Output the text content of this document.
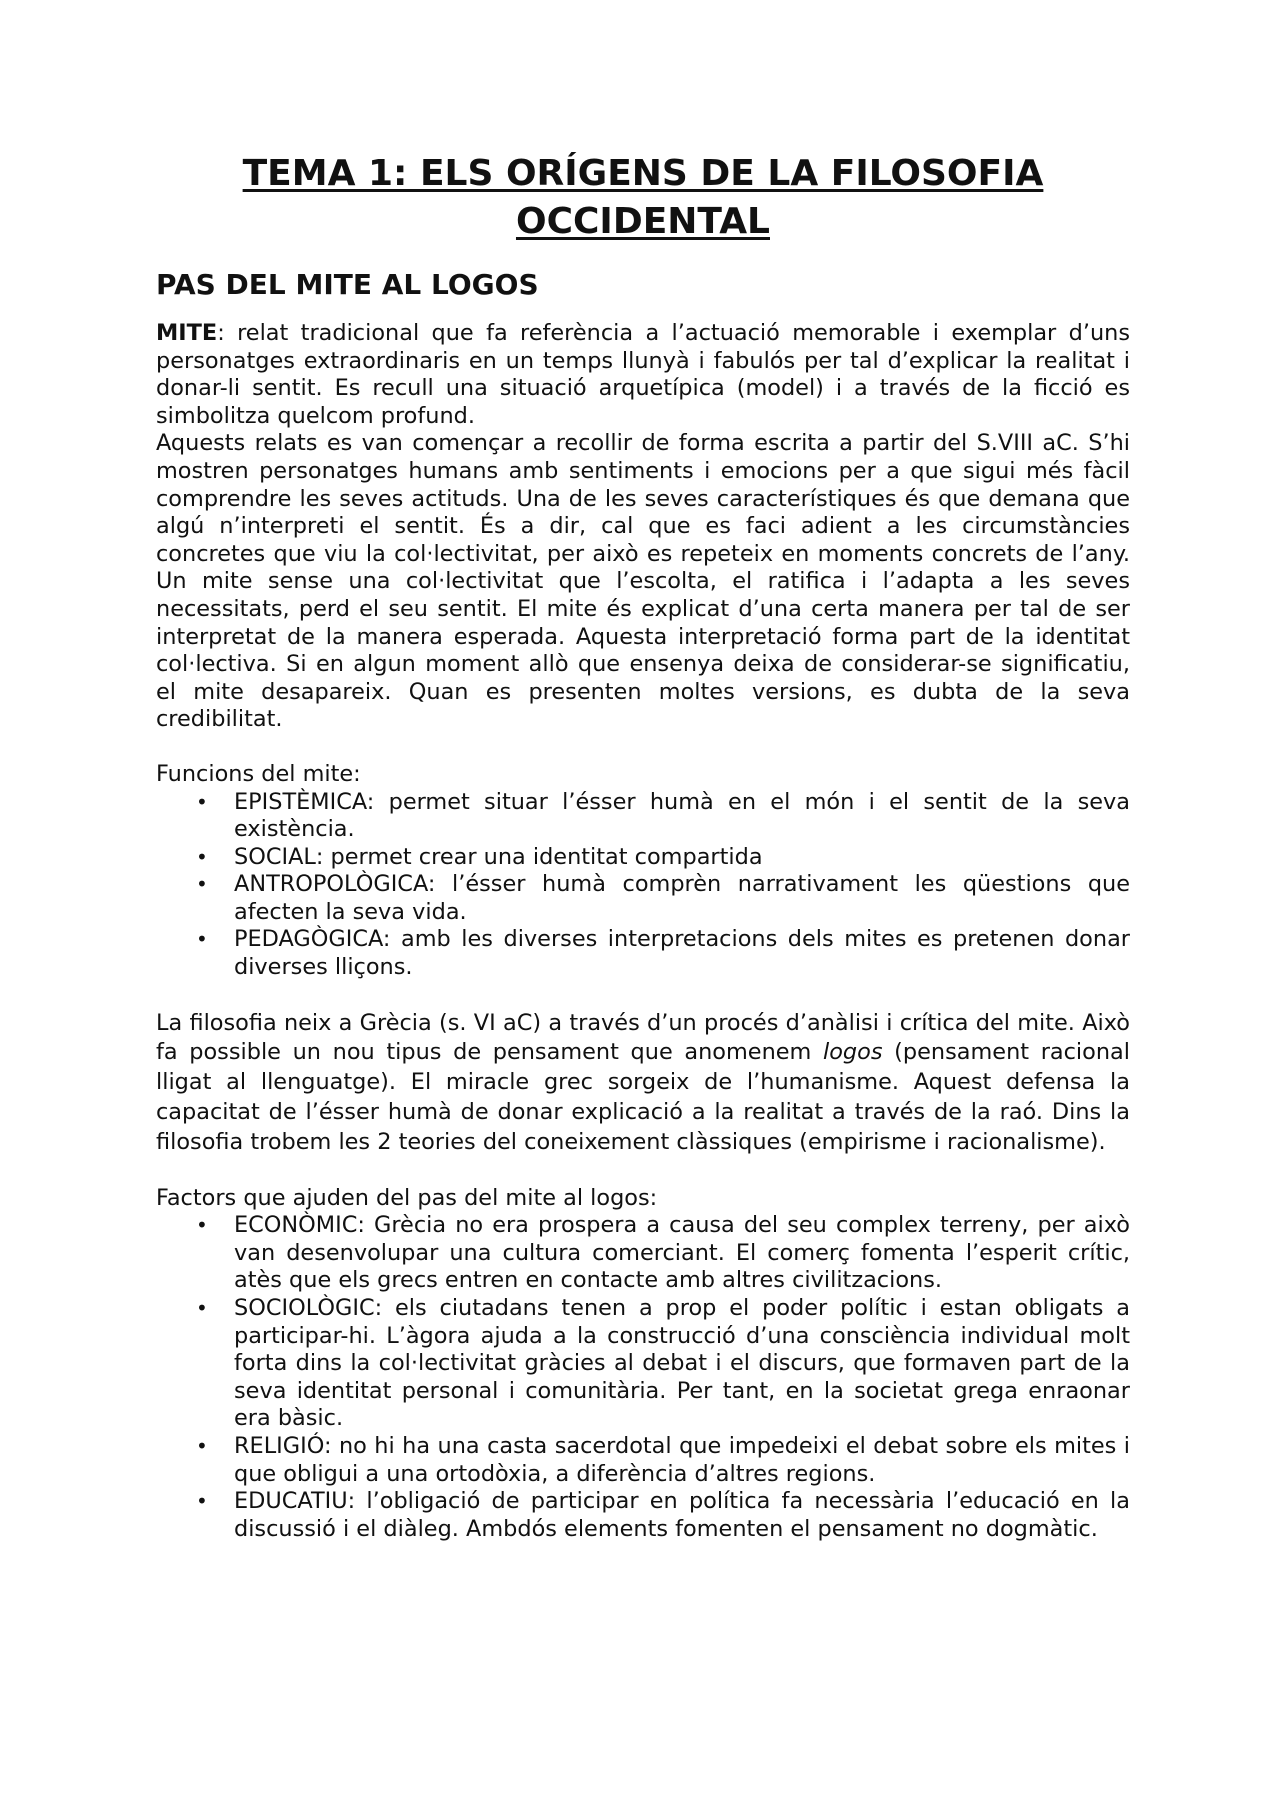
TEMA 1: ELS ORÍGENS DE LA FILOSOFIA
OCCIDENTAL
PAS DEL MITE AL LOGOS

MITE: relat tradicional que fa referència a l’actuació memorable i exemplar d’uns personatges extraordinaris en un temps llunyà i fabulós per tal d’explicar la realitat i donar-li sentit. Es recull una situació arquetípica (model) i a través de la ficció es simbolitza quelcom profund.

Aquests relats es van començar a recollir de forma escrita a partir del S.VIII aC. S’hi mostren personatges humans amb sentiments i emocions per a que sigui més fàcil comprendre les seves actituds. Una de les seves característiques és que demana que algú n’interpreti el sentit. És a dir, cal que es faci adient a les circumstàncies concretes que viu la col·lectivitat, per això es repeteix en moments concrets de l’any. Un mite sense una col·lectivitat que l’escolta, el ratifica i l’adapta a les seves necessitats, perd el seu sentit. El mite és explicat d’una certa manera per tal de ser interpretat de la manera esperada. Aquesta interpretació forma part de la identitat col·lectiva. Si en algun moment allò que ensenya deixa de considerar-se significatiu, el mite desapareix. Quan es presenten moltes versions, es dubta de la seva credibilitat.

Funcions del mite:

• EPISTÈMICA: permet situar l’ésser humà en el món i el sentit de la seva existència.
• SOCIAL: permet crear una identitat compartida
• ANTROPOLÒGICA: l’ésser humà comprèn narrativament les qüestions que afecten la seva vida.
• PEDAGÒGICA: amb les diverses interpretacions dels mites es pretenen donar diverses lliçons.

La filosofia neix a Grècia (s. VI aC) a través d’un procés d’anàlisi i crítica del mite. Això fa possible un nou tipus de pensament que anomenem logos (pensament racional lligat al llenguatge). El miracle grec sorgeix de l’humanisme. Aquest defensa la capacitat de l’ésser humà de donar explicació a la realitat a través de la raó. Dins la filosofia trobem les 2 teories del coneixement clàssiques (empirisme i racionalisme).

Factors que ajuden del pas del mite al logos:

• ECONÒMIC: Grècia no era prospera a causa del seu complex terreny, per això van desenvolupar una cultura comerciant. El comerç fomenta l’esperit crític, atès que els grecs entren en contacte amb altres civilitzacions.
• SOCIOLÒGIC: els ciutadans tenen a prop el poder polític i estan obligats a participar-hi. L’àgora ajuda a la construcció d’una consciència individual molt forta dins la col·lectivitat gràcies al debat i el discurs, que formaven part de la seva identitat personal i comunitària. Per tant, en la societat grega enraonar era bàsic.
• RELIGIÓ: no hi ha una casta sacerdotal que impedeixi el debat sobre els mites i que obligui a una ortodòxia, a diferència d’altres regions.
• EDUCATIU: l’obligació de participar en política fa necessària l’educació en la discussió i el diàleg. Ambdós elements fomenten el pensament no dogmàtic.
